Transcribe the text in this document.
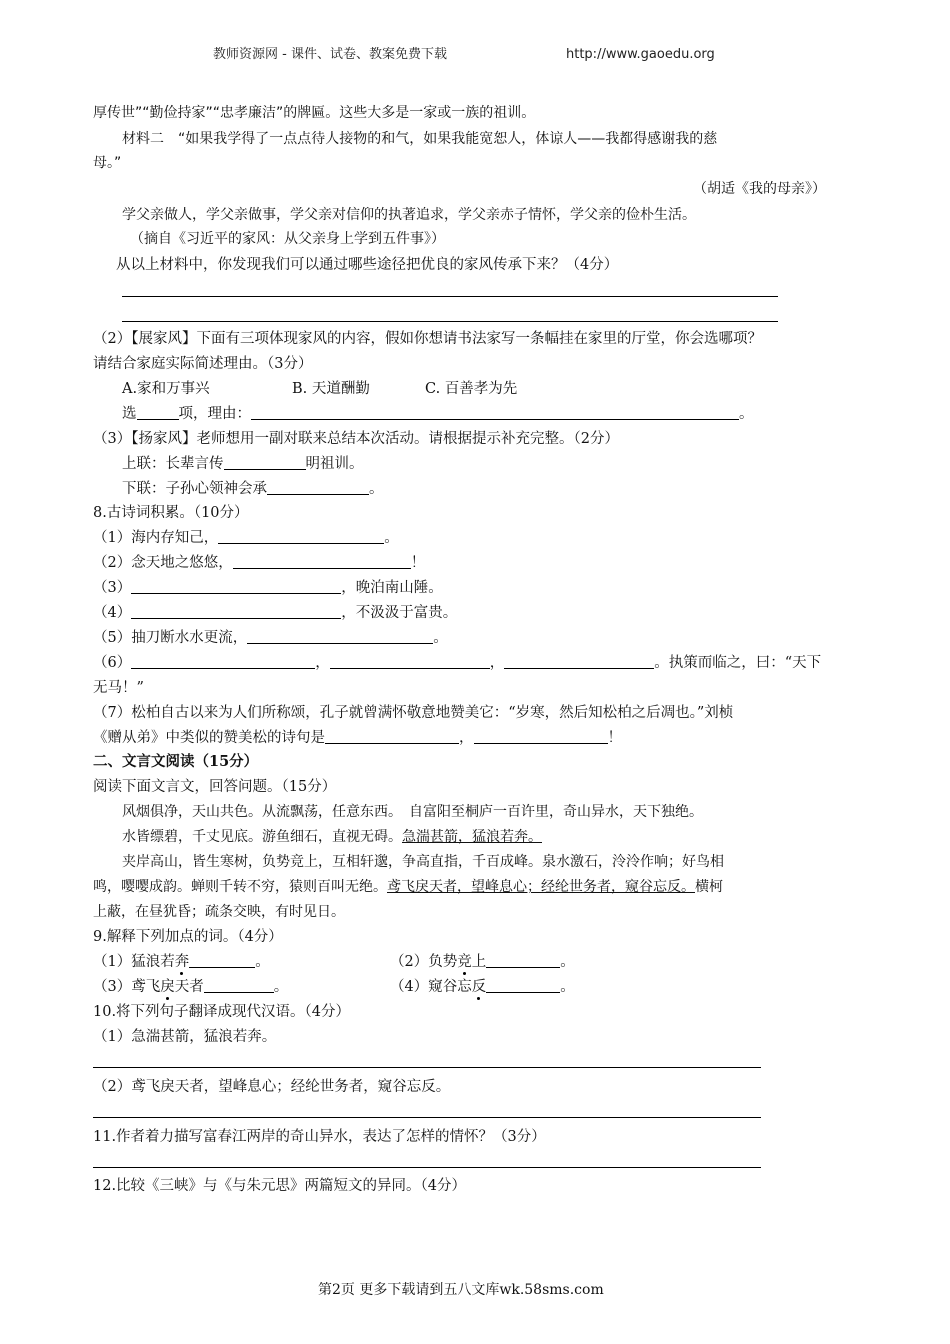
教师资源网 - 课件、试卷、教案免费下载	http://www.gaoedu.org
厚传世”“勤俭持家”“忠孝廉洁”的牌匾。这些大多是一家或一族的祖训。
材料二　“如果我学得了一点点待人接物的和气，如果我能宽恕人，体谅人——我都得感谢我的慈
母。”
（胡适《我的母亲》）
学父亲做人，学父亲做事，学父亲对信仰的执著追求，学父亲赤子情怀，学父亲的俭朴生活。
（摘自《习近平的家风：从父亲身上学到五件事》）
从以上材料中，你发现我们可以通过哪些途径把优良的家风传承下来？（4分）
（2）【展家风】下面有三项体现家风的内容，假如你想请书法家写一条幅挂在家里的厅堂，你会选哪项？
请结合家庭实际简述理由。（3分）
A.家和万事兴	B. 天道酬勤	C. 百善孝为先
选	项，理由：	。
（3）【扬家风】老师想用一副对联来总结本次活动。请根据提示补充完整。（2分）
上联：长辈言传	明祖训。
下联：子孙心领神会承	。
8.古诗词积累。（10分）
（1）海内存知己，	。
（2）念天地之悠悠，	！
（3）	，晚泊南山陲。
（4）	，不汲汲于富贵。
（5）抽刀断水水更流，	。
（6）	，	，	。执策而临之，曰：“天下
无马！”
（7）松柏自古以来为人们所称颂，孔子就曾满怀敬意地赞美它：“岁寒，然后知松柏之后凋也。”刘桢
《赠从弟》中类似的赞美松的诗句是	，	！
二、文言文阅读（15分）
阅读下面文言文，回答问题。（15分）
风烟俱净，天山共色。从流飘荡，任意东西。　自富阳至桐庐一百许里，奇山异水，天下独绝。
水皆缥碧，千丈见底。游鱼细石，直视无碍。急湍甚箭，猛浪若奔。
夹岸高山，皆生寒树，负势竞上，互相轩邈，争高直指，千百成峰。泉水激石，泠泠作响；好鸟相
鸣，嘤嘤成韵。蝉则千转不穷，猿则百叫无绝。鸢飞戾天者，望峰息心；经纶世务者，窥谷忘反。横柯
上蔽，在昼犹昏；疏条交映，有时见日。
9.解释下列加点的词。（4分）
（1）猛浪若奔	。	（2）负势竞上	。
（3）鸢飞戾天者	。	（4）窥谷忘反	。
10.将下列句子翻译成现代汉语。（4分）
（1）急湍甚箭，猛浪若奔。
（2）鸢飞戾天者，望峰息心；经纶世务者，窥谷忘反。
11.作者着力描写富春江两岸的奇山异水，表达了怎样的情怀？（3分）
12.比较《三峡》与《与朱元思》两篇短文的异同。（4分）
第2页 更多下载请到五八文库wk.58sms.com
